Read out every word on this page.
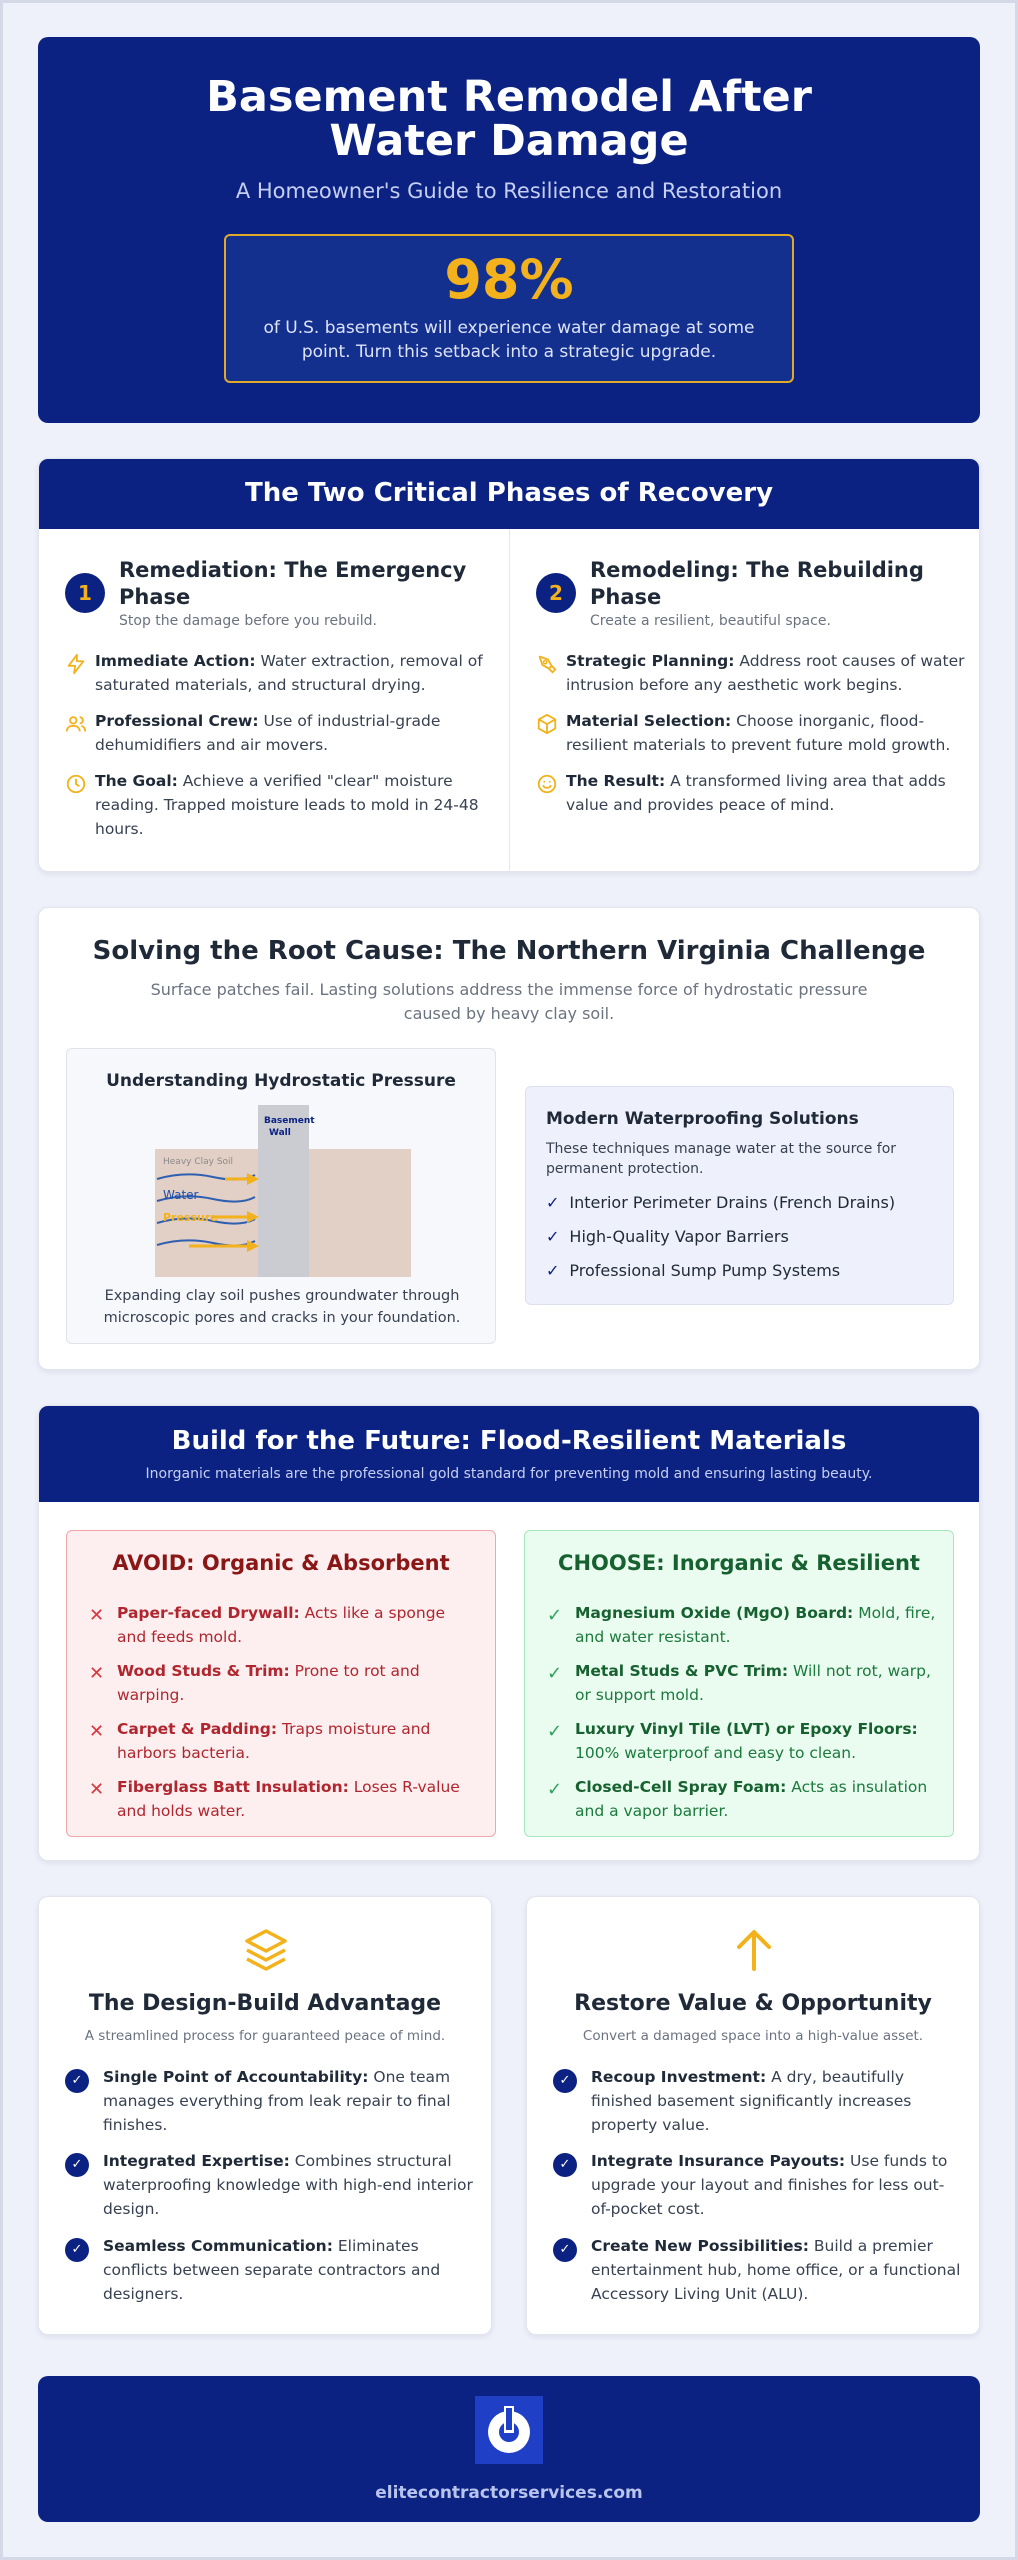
Basement Remodel After Water Damage

A Homeowner's Guide to Resilience and Restoration

98%
of U.S. basements will experience water damage at some point. Turn this setback into a strategic upgrade.
The Two Critical Phases of Recovery
1
Remediation: The Emergency Phase
Stop the damage before you rebuild.
Immediate Action: Water extraction, removal of saturated materials, and structural drying.
Professional Crew: Use of industrial-grade dehumidifiers and air movers.
The Goal: Achieve a verified "clear" moisture reading. Trapped moisture leads to mold in 24-48 hours.
2
Remodeling: The Rebuilding Phase
Create a resilient, beautiful space.
Strategic Planning: Address root causes of water intrusion before any aesthetic work begins.
Material Selection: Choose inorganic, flood-resilient materials to prevent future mold growth.
The Result: A transformed living area that adds value and provides peace of mind.
Solving the Root Cause: The Northern Virginia Challenge

Surface patches fail. Lasting solutions address the immense force of hydrostatic pressure caused by heavy clay soil.

Understanding Hydrostatic Pressure
Heavy Clay Soil
Basement
Wall
Water
Pressure
Expanding clay soil pushes groundwater through microscopic pores and cracks in your foundation.
Modern Waterproofing Solutions
These techniques manage water at the source for permanent protection.
✓ Interior Perimeter Drains (French Drains)
✓ High-Quality Vapor Barriers
✓ Professional Sump Pump Systems
Build for the Future: Flood-Resilient Materials
Inorganic materials are the professional gold standard for preventing mold and ensuring lasting beauty.
AVOID: Organic & Absorbent
✕ Paper-faced Drywall: Acts like a sponge and feeds mold.
✕ Wood Studs & Trim: Prone to rot and warping.
✕ Carpet & Padding: Traps moisture and harbors bacteria.
✕ Fiberglass Batt Insulation: Loses R-value and holds water.
CHOOSE: Inorganic & Resilient
✓ Magnesium Oxide (MgO) Board: Mold, fire, and water resistant.
✓ Metal Studs & PVC Trim: Will not rot, warp, or support mold.
✓ Luxury Vinyl Tile (LVT) or Epoxy Floors: 100% waterproof and easy to clean.
✓ Closed-Cell Spray Foam: Acts as insulation and a vapor barrier.
The Design-Build Advantage
A streamlined process for guaranteed peace of mind.
✓	Single Point of Accountability: One team manages everything from leak repair to final finishes.
✓	Integrated Expertise: Combines structural waterproofing knowledge with high-end interior design.
✓	Seamless Communication: Eliminates conflicts between separate contractors and designers.
Restore Value & Opportunity
Convert a damaged space into a high-value asset.
✓	Recoup Investment: A dry, beautifully finished basement significantly increases property value.
✓	Integrate Insurance Payouts: Use funds to upgrade your layout and finishes for less out-of-pocket cost.
✓	Create New Possibilities: Build a premier entertainment hub, home office, or a functional Accessory Living Unit (ALU).
elitecontractorservices.com
